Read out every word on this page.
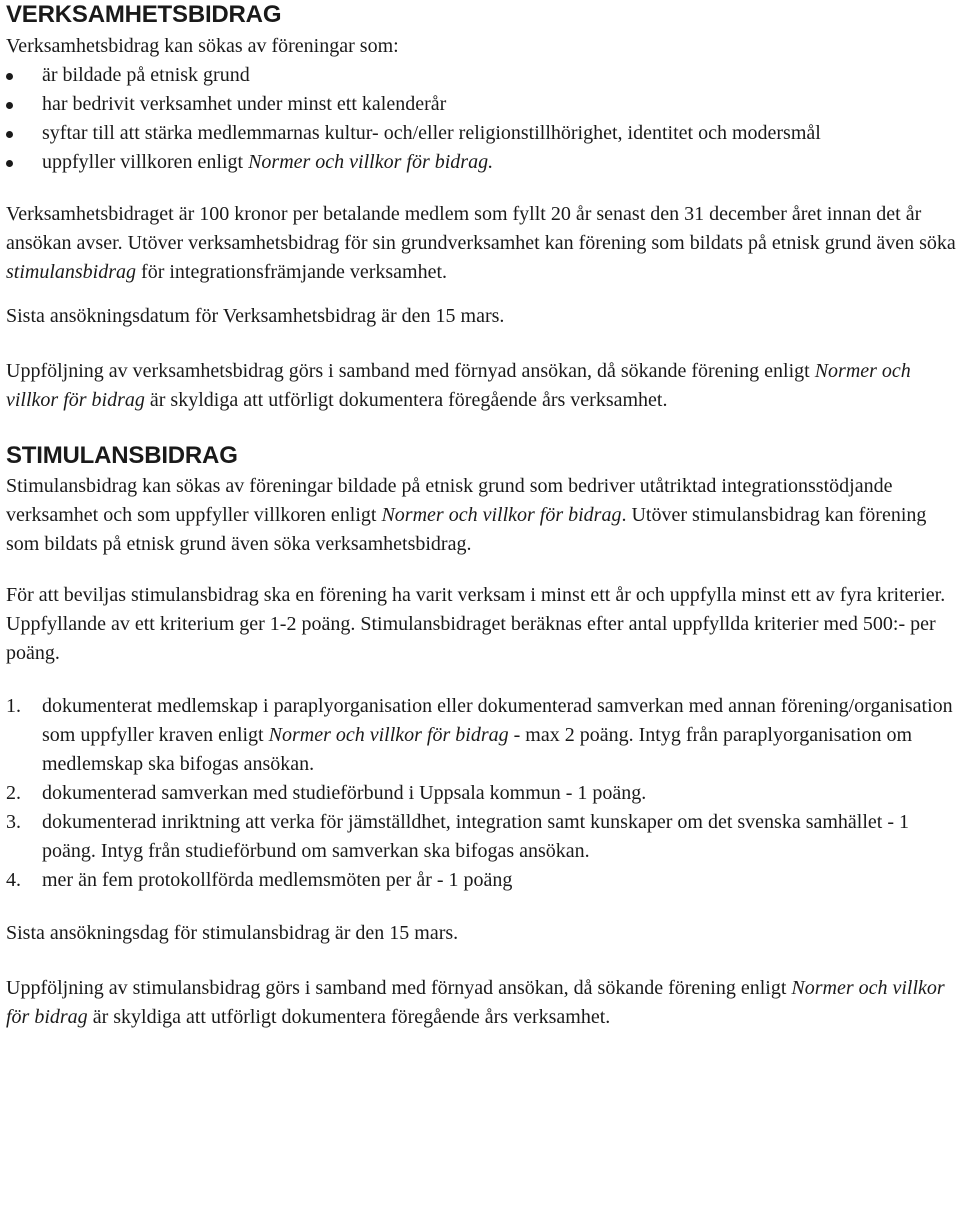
VERKSAMHETSBIDRAG

Verksamhetsbidrag kan sökas av föreningar som:

är bildade på etnisk grund
har bedrivit verksamhet under minst ett kalenderår
syftar till att stärka medlemmarnas kultur- och/eller religionstillhörighet, identitet och modersmål
uppfyller villkoren enligt Normer och villkor för bidrag.

Verksamhetsbidraget är 100 kronor per betalande medlem som fyllt 20 år senast den 31 december året innan det år ansökan avser. Utöver verksamhetsbidrag för sin grundverksamhet kan förening som bildats på etnisk grund även söka stimulansbidrag för integrationsfrämjande verksamhet.

Sista ansökningsdatum för Verksamhetsbidrag är den 15 mars.

Uppföljning av verksamhetsbidrag görs i samband med förnyad ansökan, då sökande förening enligt Normer och villkor för bidrag är skyldiga att utförligt dokumentera föregående års verksamhet.

STIMULANSBIDRAG

Stimulansbidrag kan sökas av föreningar bildade på etnisk grund som bedriver utåtriktad integrationsstödjande verksamhet och som uppfyller villkoren enligt Normer och villkor för bidrag. Utöver stimulansbidrag kan förening som bildats på etnisk grund även söka verksamhetsbidrag.

För att beviljas stimulansbidrag ska en förening ha varit verksam i minst ett år och uppfylla minst ett av fyra kriterier. Uppfyllande av ett kriterium ger 1-2 poäng. Stimulansbidraget beräknas efter antal uppfyllda kriterier med 500:- per poäng.

1. dokumenterat medlemskap i paraplyorganisation eller dokumenterad samverkan med annan förening/organisation som uppfyller kraven enligt Normer och villkor för bidrag - max 2 poäng. Intyg från paraplyorganisation om medlemskap ska bifogas ansökan.
2. dokumenterad samverkan med studieförbund i Uppsala kommun - 1 poäng.
3. dokumenterad inriktning att verka för jämställdhet, integration samt kunskaper om det svenska samhället - 1 poäng. Intyg från studieförbund om samverkan ska bifogas ansökan.
4. mer än fem protokollförda medlemsmöten per år - 1 poäng

Sista ansökningsdag för stimulansbidrag är den 15 mars.

Uppföljning av stimulansbidrag görs i samband med förnyad ansökan, då sökande förening enligt Normer och villkor för bidrag är skyldiga att utförligt dokumentera föregående års verksamhet.
